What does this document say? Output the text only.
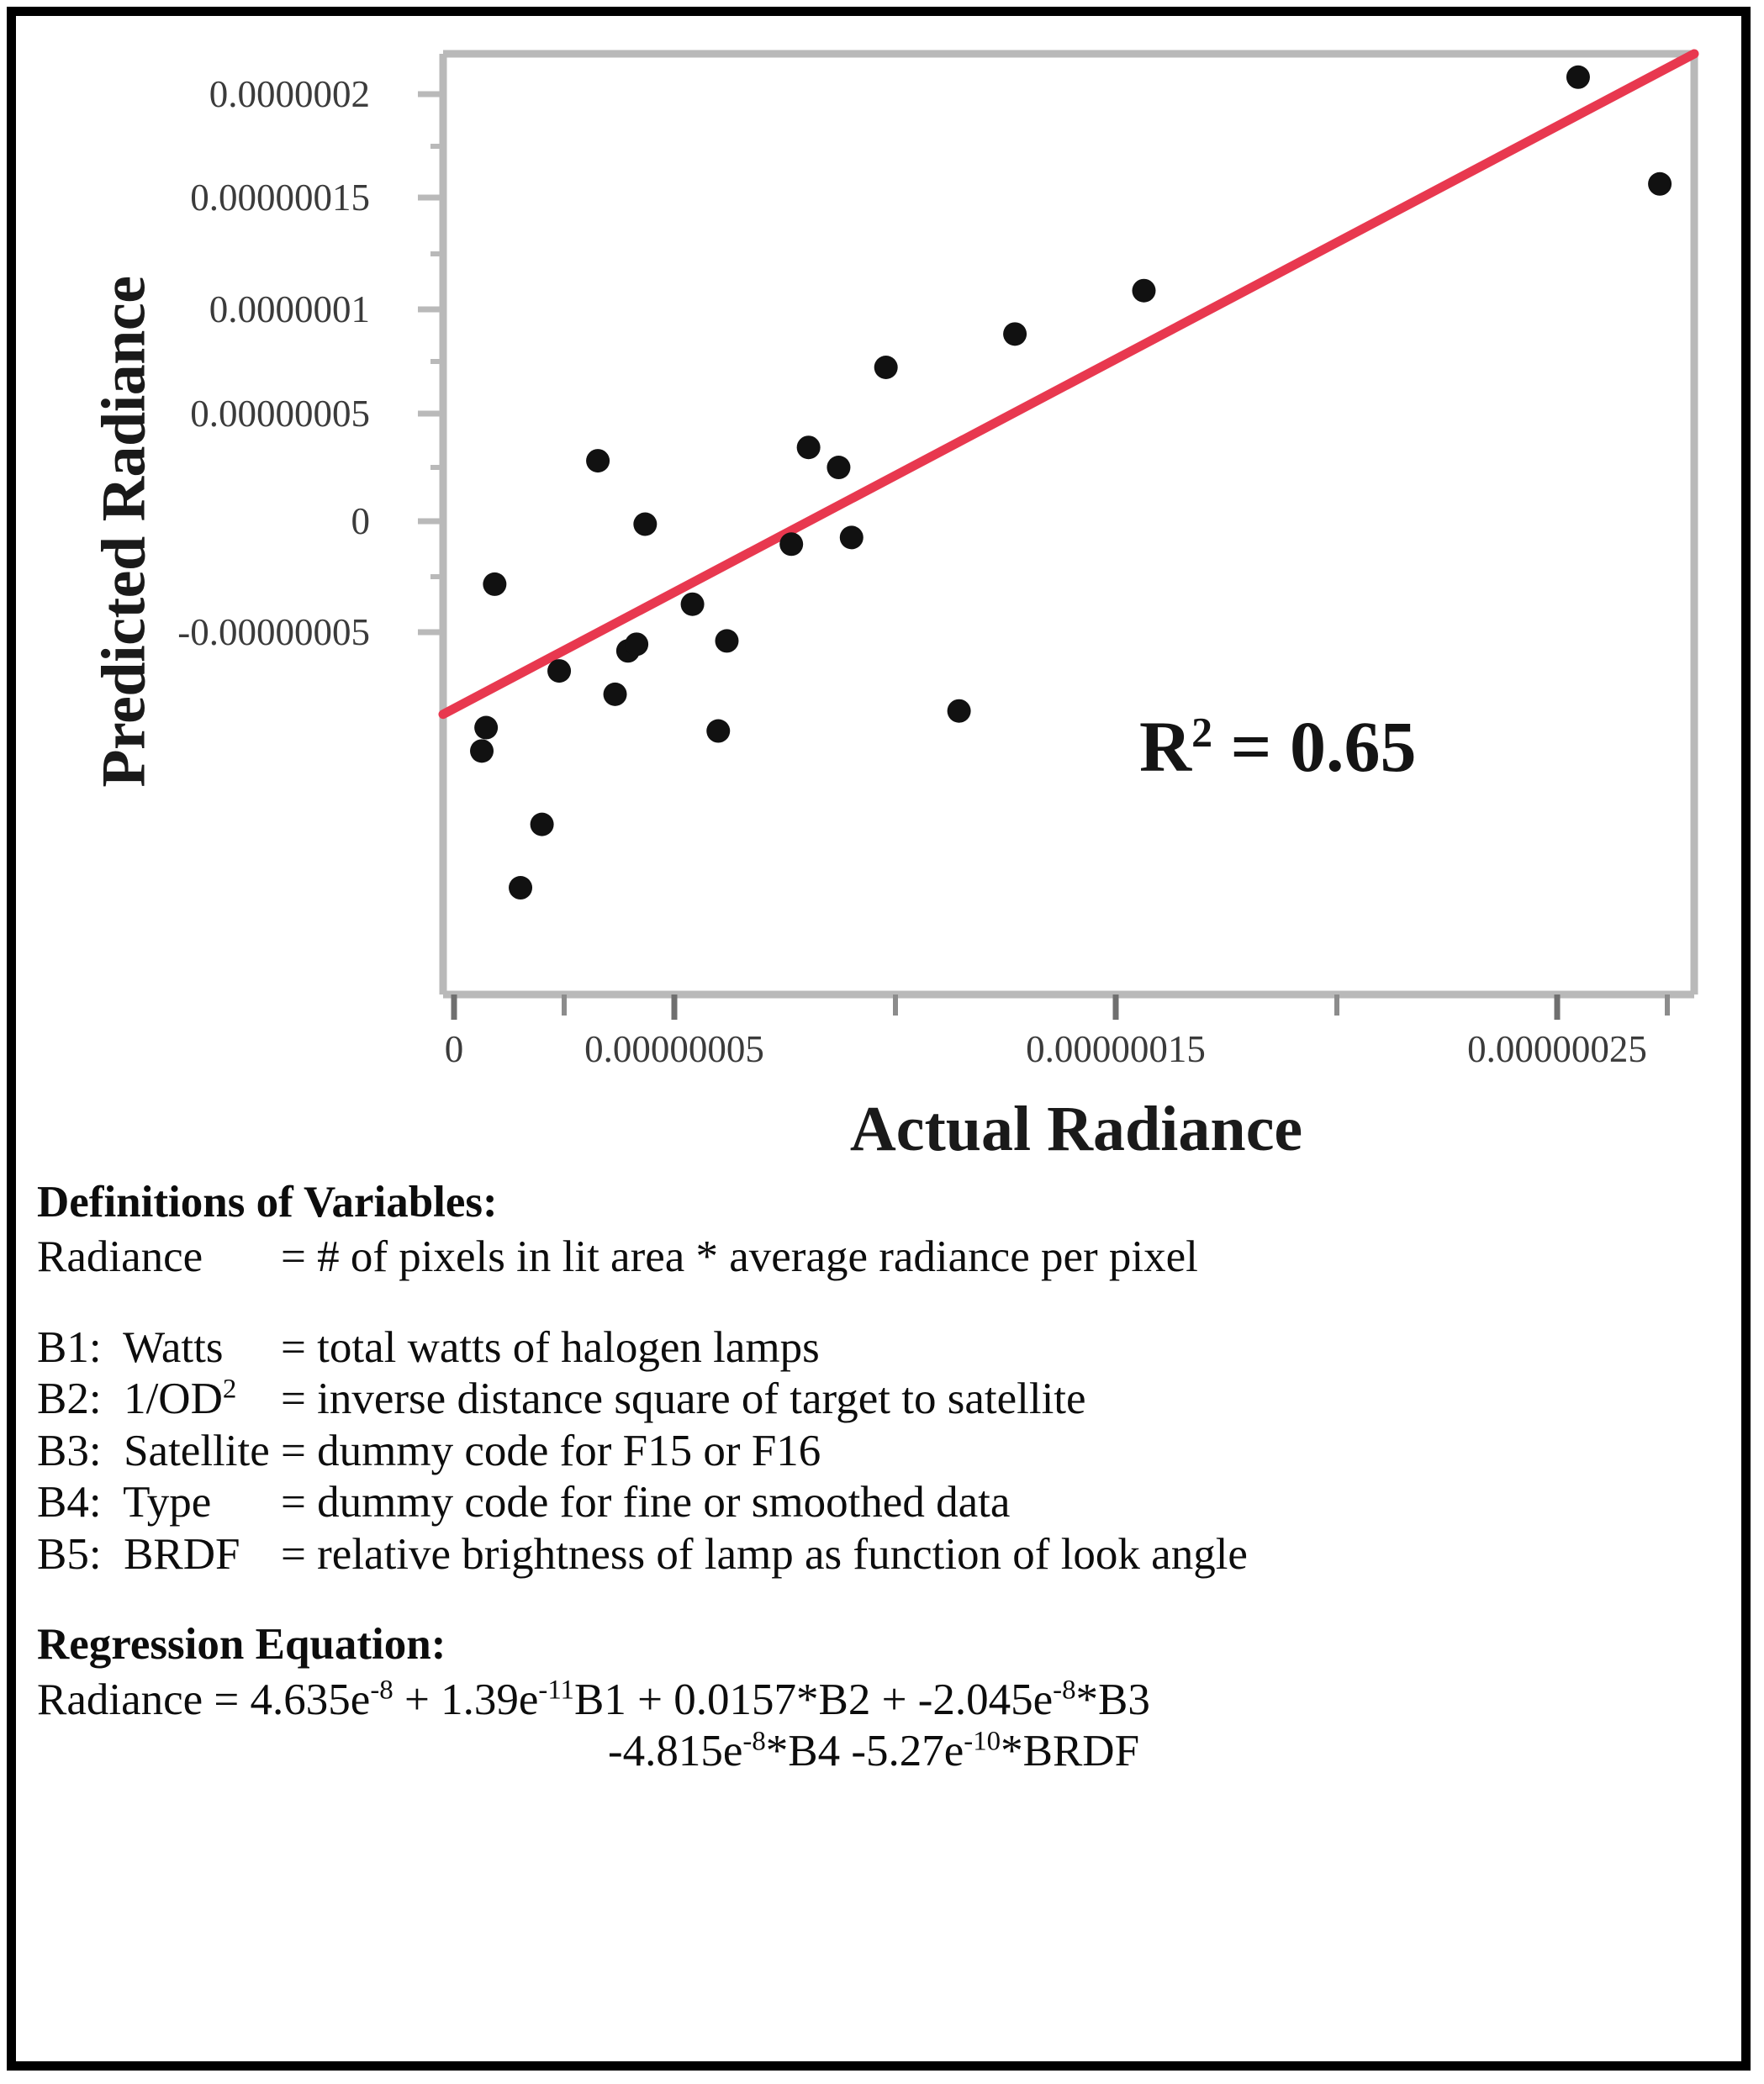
0.0000002
0.00000015
0.0000001
0.00000005
0
-0.00000005
0	0.00000005	0.00000015	0.00000025
Predicted Radiance
Actual Radiance
$R^2 = 0.65$

Definitions of Variables:

Radiance = # of pixels in lit area * average radiance per pixel

B1:  Watts = total watts of halogen lamps

B2:  $1/OD^2$ = inverse distance square of target to satellite

B3:  Satellite = dummy code for F15 or F16

B4:  Type = dummy code for fine or smoothed data

B5:  BRDF = relative brightness of lamp as function of look angle

Regression Equation:

Radiance = $4.635e^{-8} + 1.39e^{-11}B1 + 0.0157*B2 + -2.045e^{-8}*B3$

$-4.815e^{-8}*B4$ $-5.27e^{-10}*BRDF$
